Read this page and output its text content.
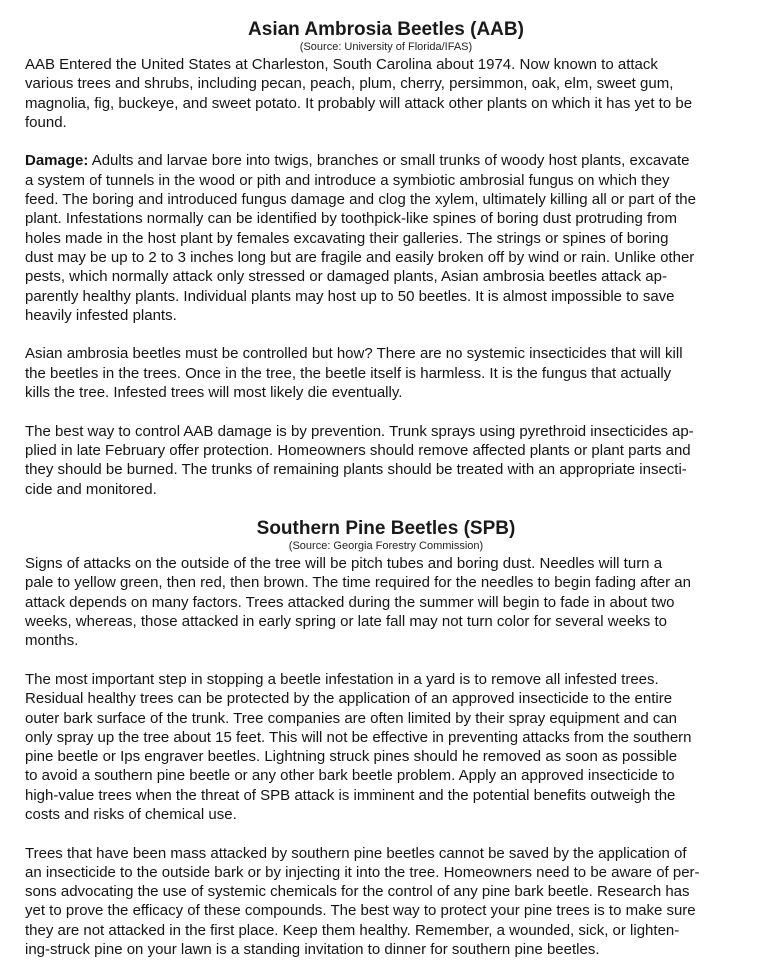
Asian Ambrosia Beetles (AAB)

(Source: University of Florida/IFAS)

AAB Entered the United States at Charleston, South Carolina about 1974. Now known to attack
various trees and shrubs, including pecan, peach, plum, cherry, persimmon, oak, elm, sweet gum,
magnolia, fig, buckeye, and sweet potato. It probably will attack other plants on which it has yet to be
found.
Damage: Adults and larvae bore into twigs, branches or small trunks of woody host plants, excavate
a system of tunnels in the wood or pith and introduce a symbiotic ambrosial fungus on which they
feed. The boring and introduced fungus damage and clog the xylem, ultimately killing all or part of the
plant. Infestations normally can be identified by toothpick-like spines of boring dust protruding from
holes made in the host plant by females excavating their galleries. The strings or spines of boring
dust may be up to 2 to 3 inches long but are fragile and easily broken off by wind or rain. Unlike other
pests, which normally attack only stressed or damaged plants, Asian ambrosia beetles attack ap-
parently healthy plants. Individual plants may host up to 50 beetles. It is almost impossible to save
heavily infested plants.
Asian ambrosia beetles must be controlled but how? There are no systemic insecticides that will kill
the beetles in the trees. Once in the tree, the beetle itself is harmless. It is the fungus that actually
kills the tree. Infested trees will most likely die eventually.
The best way to control AAB damage is by prevention. Trunk sprays using pyrethroid insecticides ap-
plied in late February offer protection. Homeowners should remove affected plants or plant parts and
they should be burned. The trunks of remaining plants should be treated with an appropriate insecti-
cide and monitored.
Southern Pine Beetles (SPB)

(Source: Georgia Forestry Commission)

Signs of attacks on the outside of the tree will be pitch tubes and boring dust. Needles will turn a
pale to yellow green, then red, then brown. The time required for the needles to begin fading after an
attack depends on many factors. Trees attacked during the summer will begin to fade in about two
weeks, whereas, those attacked in early spring or late fall may not turn color for several weeks to
months.
The most important step in stopping a beetle infestation in a yard is to remove all infested trees.
Residual healthy trees can be protected by the application of an approved insecticide to the entire
outer bark surface of the trunk. Tree companies are often limited by their spray equipment and can
only spray up the tree about 15 feet. This will not be effective in preventing attacks from the southern
pine beetle or Ips engraver beetles. Lightning struck pines should he removed as soon as possible
to avoid a southern pine beetle or any other bark beetle problem. Apply an approved insecticide to
high-value trees when the threat of SPB attack is imminent and the potential benefits outweigh the
costs and risks of chemical use.
Trees that have been mass attacked by southern pine beetles cannot be saved by the application of
an insecticide to the outside bark or by injecting it into the tree. Homeowners need to be aware of per-
sons advocating the use of systemic chemicals for the control of any pine bark beetle. Research has
yet to prove the efficacy of these compounds. The best way to protect your pine trees is to make sure
they are not attacked in the first place. Keep them healthy. Remember, a wounded, sick, or lighten-
ing-struck pine on your lawn is a standing invitation to dinner for southern pine beetles.
